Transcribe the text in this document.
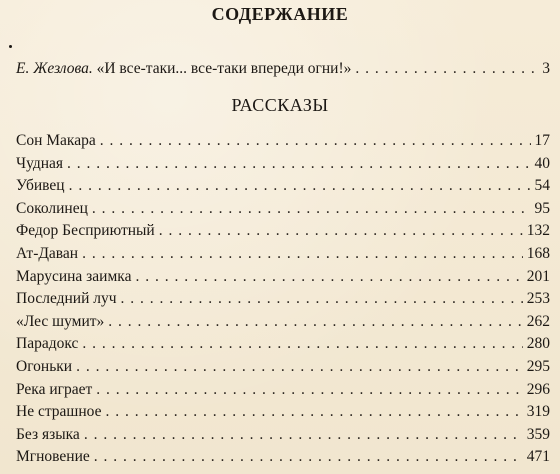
СОДЕРЖАНИЕ
Е. Жезлова. «И все-таки... все-таки впереди огни!» . . .	3
РАССКАЗЫ
Сон Макара . . .	17
Чудная . . .	40
Убивец . . .	54
Соколинец . . .	95
Федор Бесприютный . . .	132
Ат-Даван . . .	168
Марусина заимка . . .	201
Последний луч . . .	253
«Лес шумит» . . .	262
Парадокс . . .	280
Огоньки . . .	295
Река играет . . .	296
Не страшное . . .	319
Без языка . . .	359
Мгновение . . .	471
